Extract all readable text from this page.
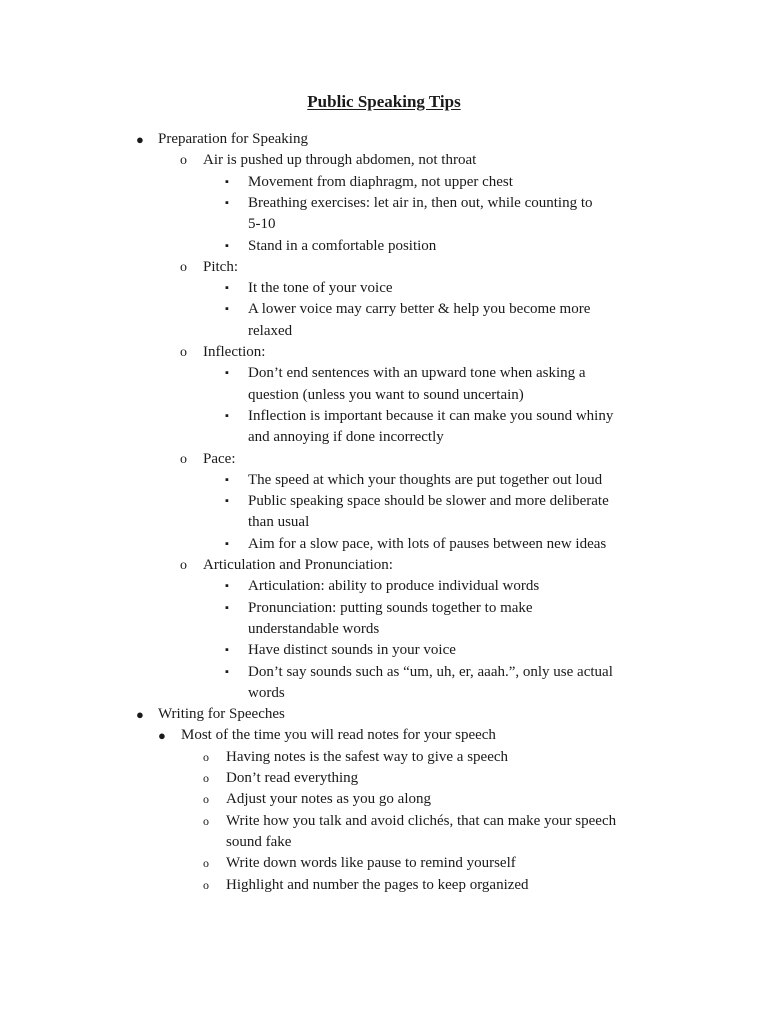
Public Speaking Tips
● Preparation for Speaking
o Air is pushed up through abdomen, not throat
▪ Movement from diaphragm, not upper chest
▪ Breathing exercises: let air in, then out, while counting to
5-10
▪ Stand in a comfortable position
o Pitch:
▪ It the tone of your voice
▪ A lower voice may carry better & help you become more
relaxed
o Inflection:
▪ Don’t end sentences with an upward tone when asking a
question (unless you want to sound uncertain)
▪ Inflection is important because it can make you sound whiny
and annoying if done incorrectly
o Pace:
▪ The speed at which your thoughts are put together out loud
▪ Public speaking space should be slower and more deliberate
than usual
▪ Aim for a slow pace, with lots of pauses between new ideas
o Articulation and Pronunciation:
▪ Articulation: ability to produce individual words
▪ Pronunciation: putting sounds together to make
understandable words
▪ Have distinct sounds in your voice
▪ Don’t say sounds such as “um, uh, er, aaah.”, only use actual
words
● Writing for Speeches
● Most of the time you will read notes for your speech
o Having notes is the safest way to give a speech
o Don’t read everything
o Adjust your notes as you go along
o Write how you talk and avoid clichés, that can make your speech
sound fake
o Write down words like pause to remind yourself
o Highlight and number the pages to keep organized
